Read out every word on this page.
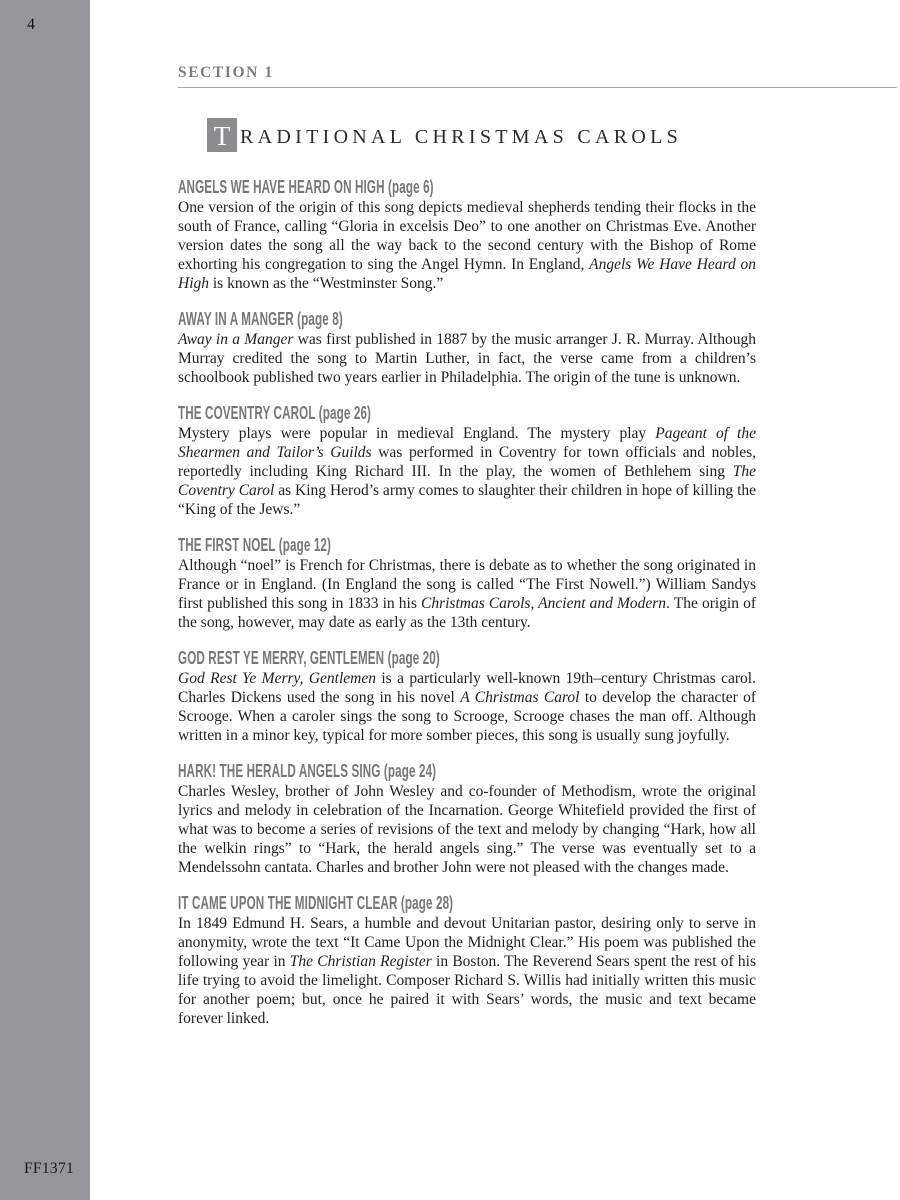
4
FF1371
SECTION 1
T RADITIONAL CHRISTMAS CAROLS
ANGELS WE HAVE HEARD ON HIGH (page 6)

One version of the origin of this song depicts medieval shepherds tending their flocks in the south of France, calling “Gloria in excelsis Deo” to one another on Christmas Eve. Another version dates the song all the way back to the second century with the Bishop of Rome exhorting his congregation to sing the Angel Hymn. In England, Angels We Have Heard on High is known as the “Westminster Song.”

AWAY IN A MANGER (page 8)

Away in a Manger was first published in 1887 by the music arranger J. R. Murray. Although Murray credited the song to Martin Luther, in fact, the verse came from a children’s schoolbook published two years earlier in Philadelphia. The origin of the tune is unknown.

THE COVENTRY CAROL (page 26)

Mystery plays were popular in medieval England. The mystery play Pageant of the Shearmen and Tailor’s Guilds was performed in Coventry for town officials and nobles, reportedly including King Richard III. In the play, the women of Bethlehem sing The Coventry Carol as King Herod’s army comes to slaughter their children in hope of killing the “King of the Jews.”

THE FIRST NOEL (page 12)

Although “noel” is French for Christmas, there is debate as to whether the song originated in France or in England. (In England the song is called “The First Nowell.”) William Sandys first published this song in 1833 in his Christmas Carols, Ancient and Modern. The origin of the song, however, may date as early as the 13th century.

GOD REST YE MERRY, GENTLEMEN (page 20)

God Rest Ye Merry, Gentlemen is a particularly well-known 19th–century Christmas carol. Charles Dickens used the song in his novel A Christmas Carol to develop the character of Scrooge. When a caroler sings the song to Scrooge, Scrooge chases the man off. Although written in a minor key, typical for more somber pieces, this song is usually sung joyfully.

HARK! THE HERALD ANGELS SING (page 24)

Charles Wesley, brother of John Wesley and co-founder of Methodism, wrote the original lyrics and melody in celebration of the Incarnation. George Whitefield provided the first of what was to become a series of revisions of the text and melody by changing “Hark, how all the welkin rings” to “Hark, the herald angels sing.” The verse was eventually set to a Mendelssohn cantata. Charles and brother John were not pleased with the changes made.

IT CAME UPON THE MIDNIGHT CLEAR (page 28)

In 1849 Edmund H. Sears, a humble and devout Unitarian pastor, desiring only to serve in anonymity, wrote the text “It Came Upon the Midnight Clear.” His poem was published the following year in The Christian Register in Boston. The Reverend Sears spent the rest of his life trying to avoid the limelight. Composer Richard S. Willis had initially written this music for another poem; but, once he paired it with Sears’ words, the music and text became forever linked.
